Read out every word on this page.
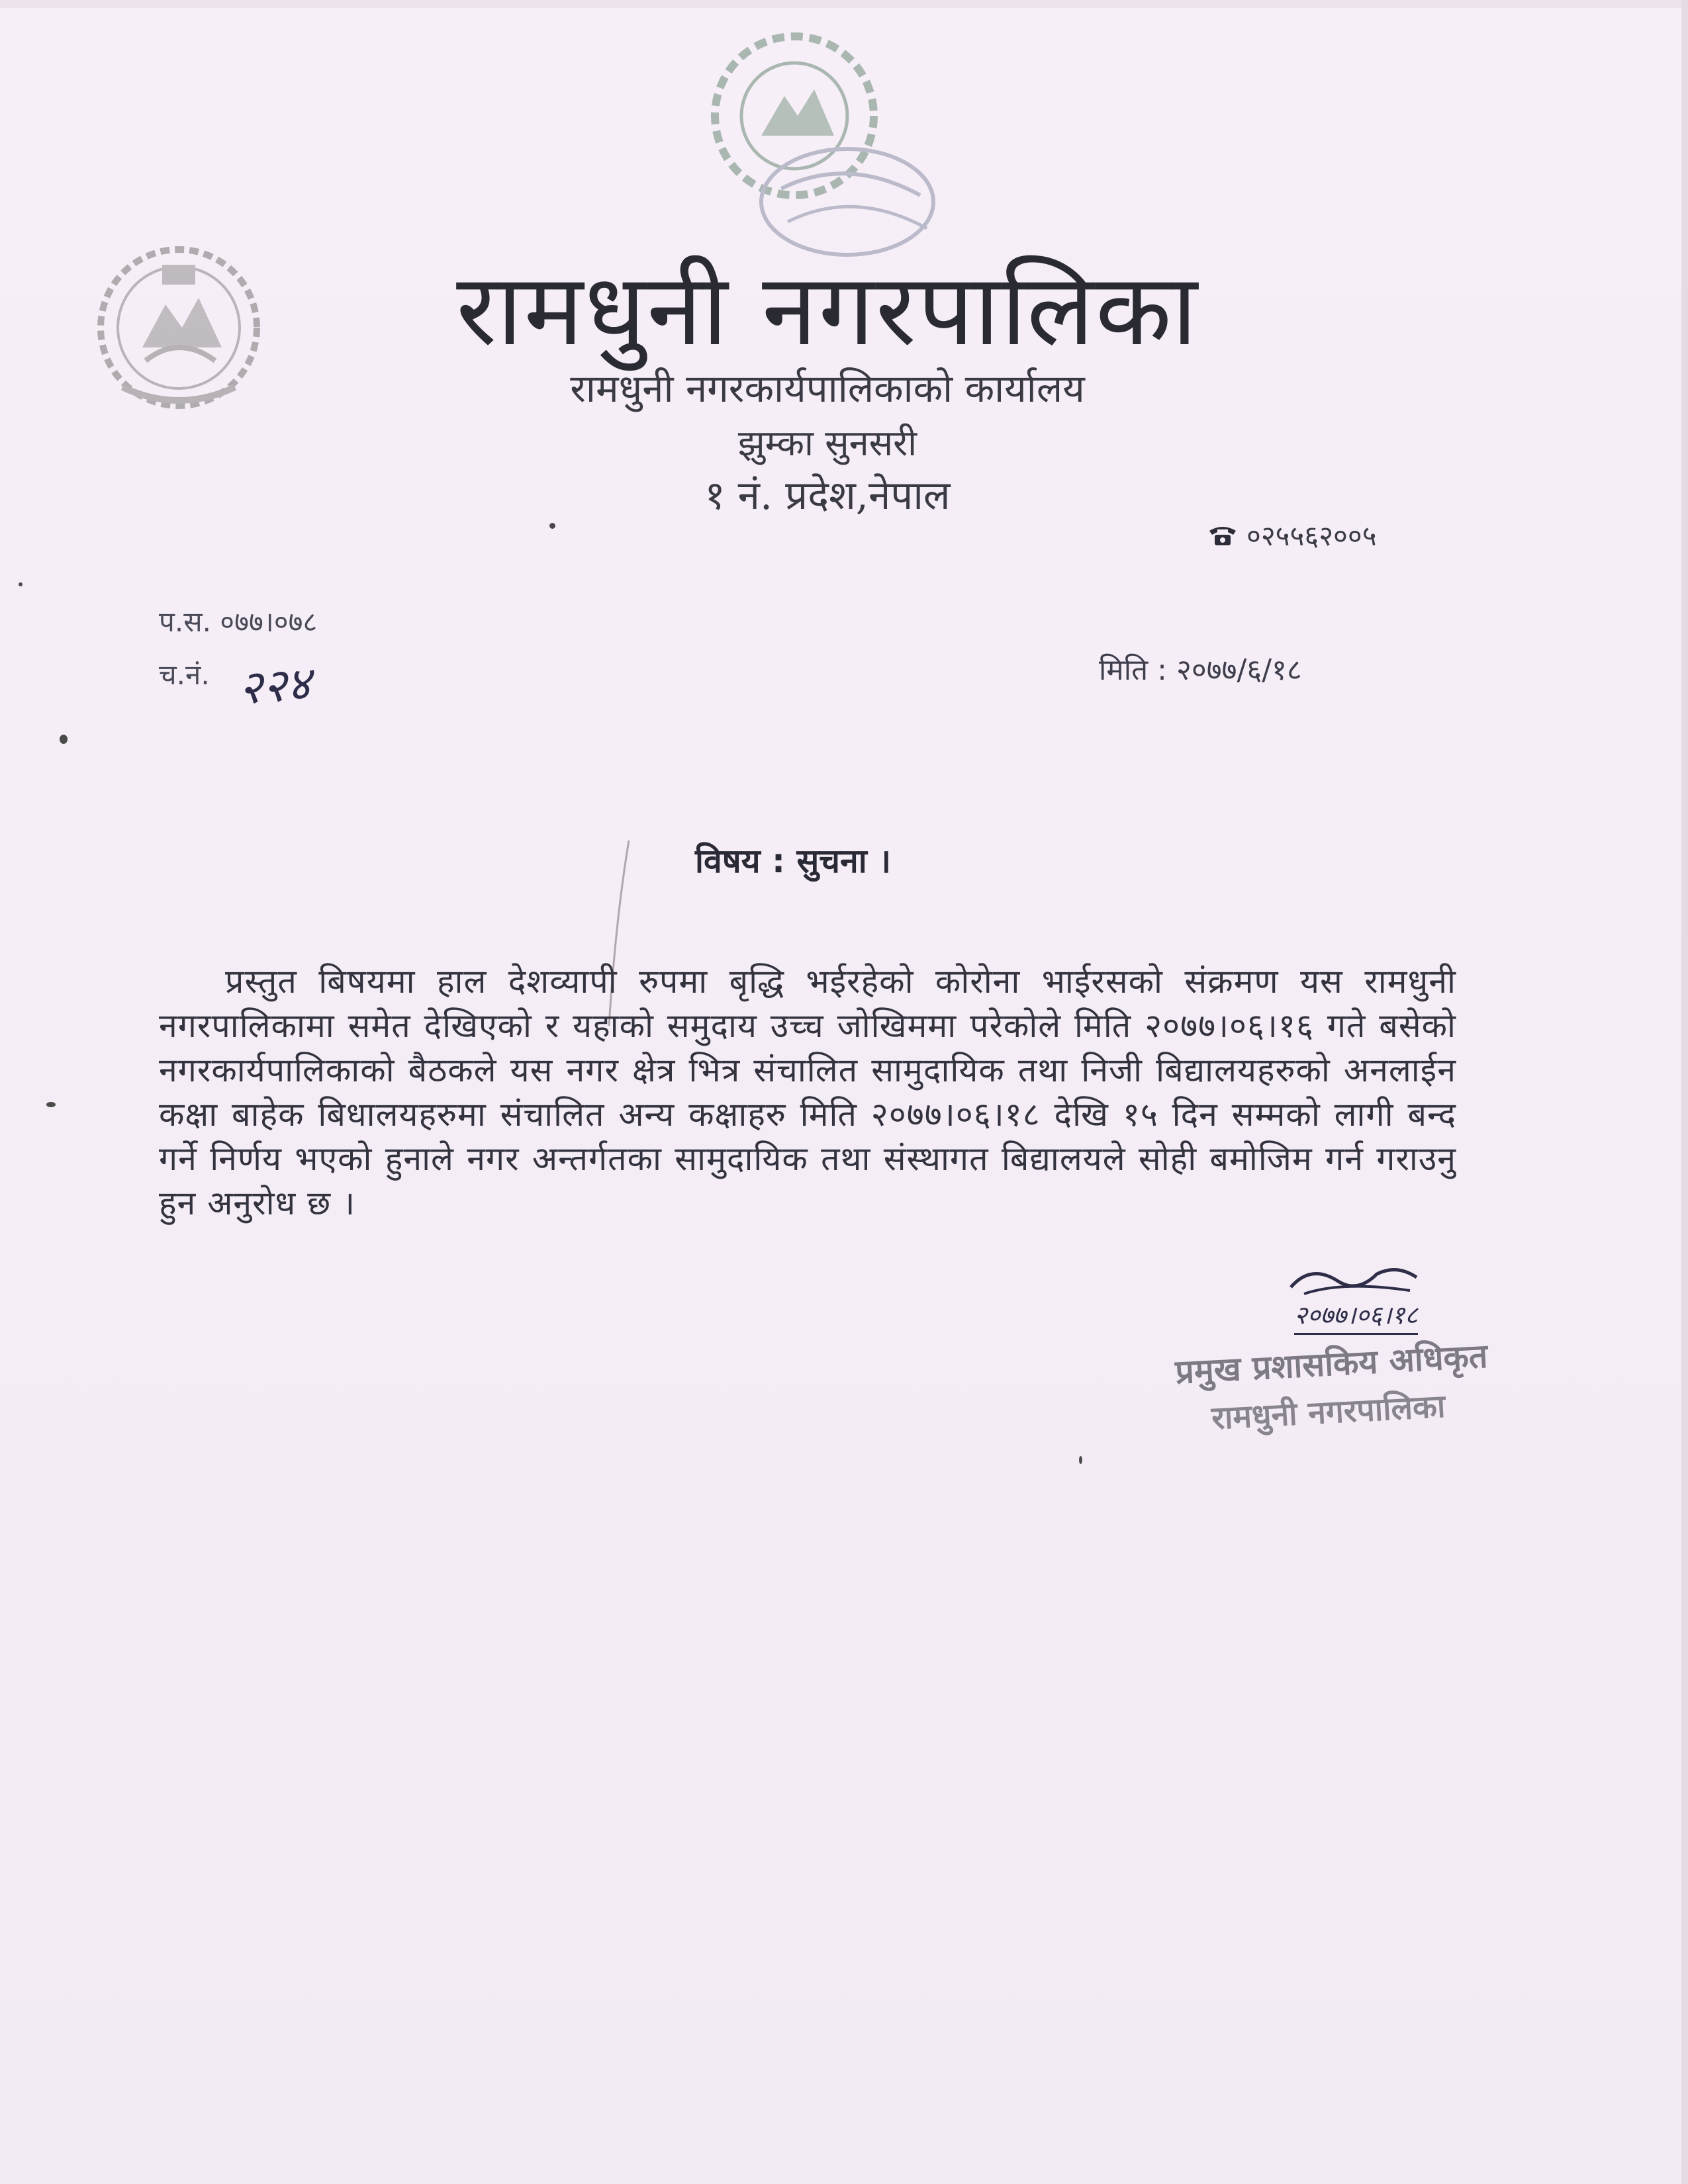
रामधुनी नगरपालिका
रामधुनी नगरकार्यपालिकाको कार्यालय
झुम्का सुनसरी
१ नं. प्रदेश,नेपाल
०२५५६२००५
प.स. ०७७।०७८
च.नं. २२४	मिति : २०७७/६/१८
विषय : सुचना ।
प्रस्तुत बिषयमा हाल देशव्यापी रुपमा बृद्धि भईरहेको कोरोना भाईरसको संक्रमण यस रामधुनी नगरपालिकामा समेत देखिएको र यहाको समुदाय उच्च जोखिममा परेकोले मिति २०७७।०६।१६ गते बसेको नगरकार्यपालिकाको बैठकले यस नगर क्षेत्र भित्र संचालित सामुदायिक तथा निजी बिद्यालयहरुको अनलाईन कक्षा बाहेक बिधालयहरुमा संचालित अन्य कक्षाहरु मिति २०७७।०६।१८ देखि १५ दिन सम्मको लागी बन्द गर्ने निर्णय भएको हुनाले नगर अन्तर्गतका सामुदायिक तथा संस्थागत बिद्यालयले सोही बमोजिम गर्न गराउनु हुन अनुरोध छ ।
२०७७।०६।१८
प्रमुख प्रशासकिय अधिकृत
रामधुनी नगरपालिका
